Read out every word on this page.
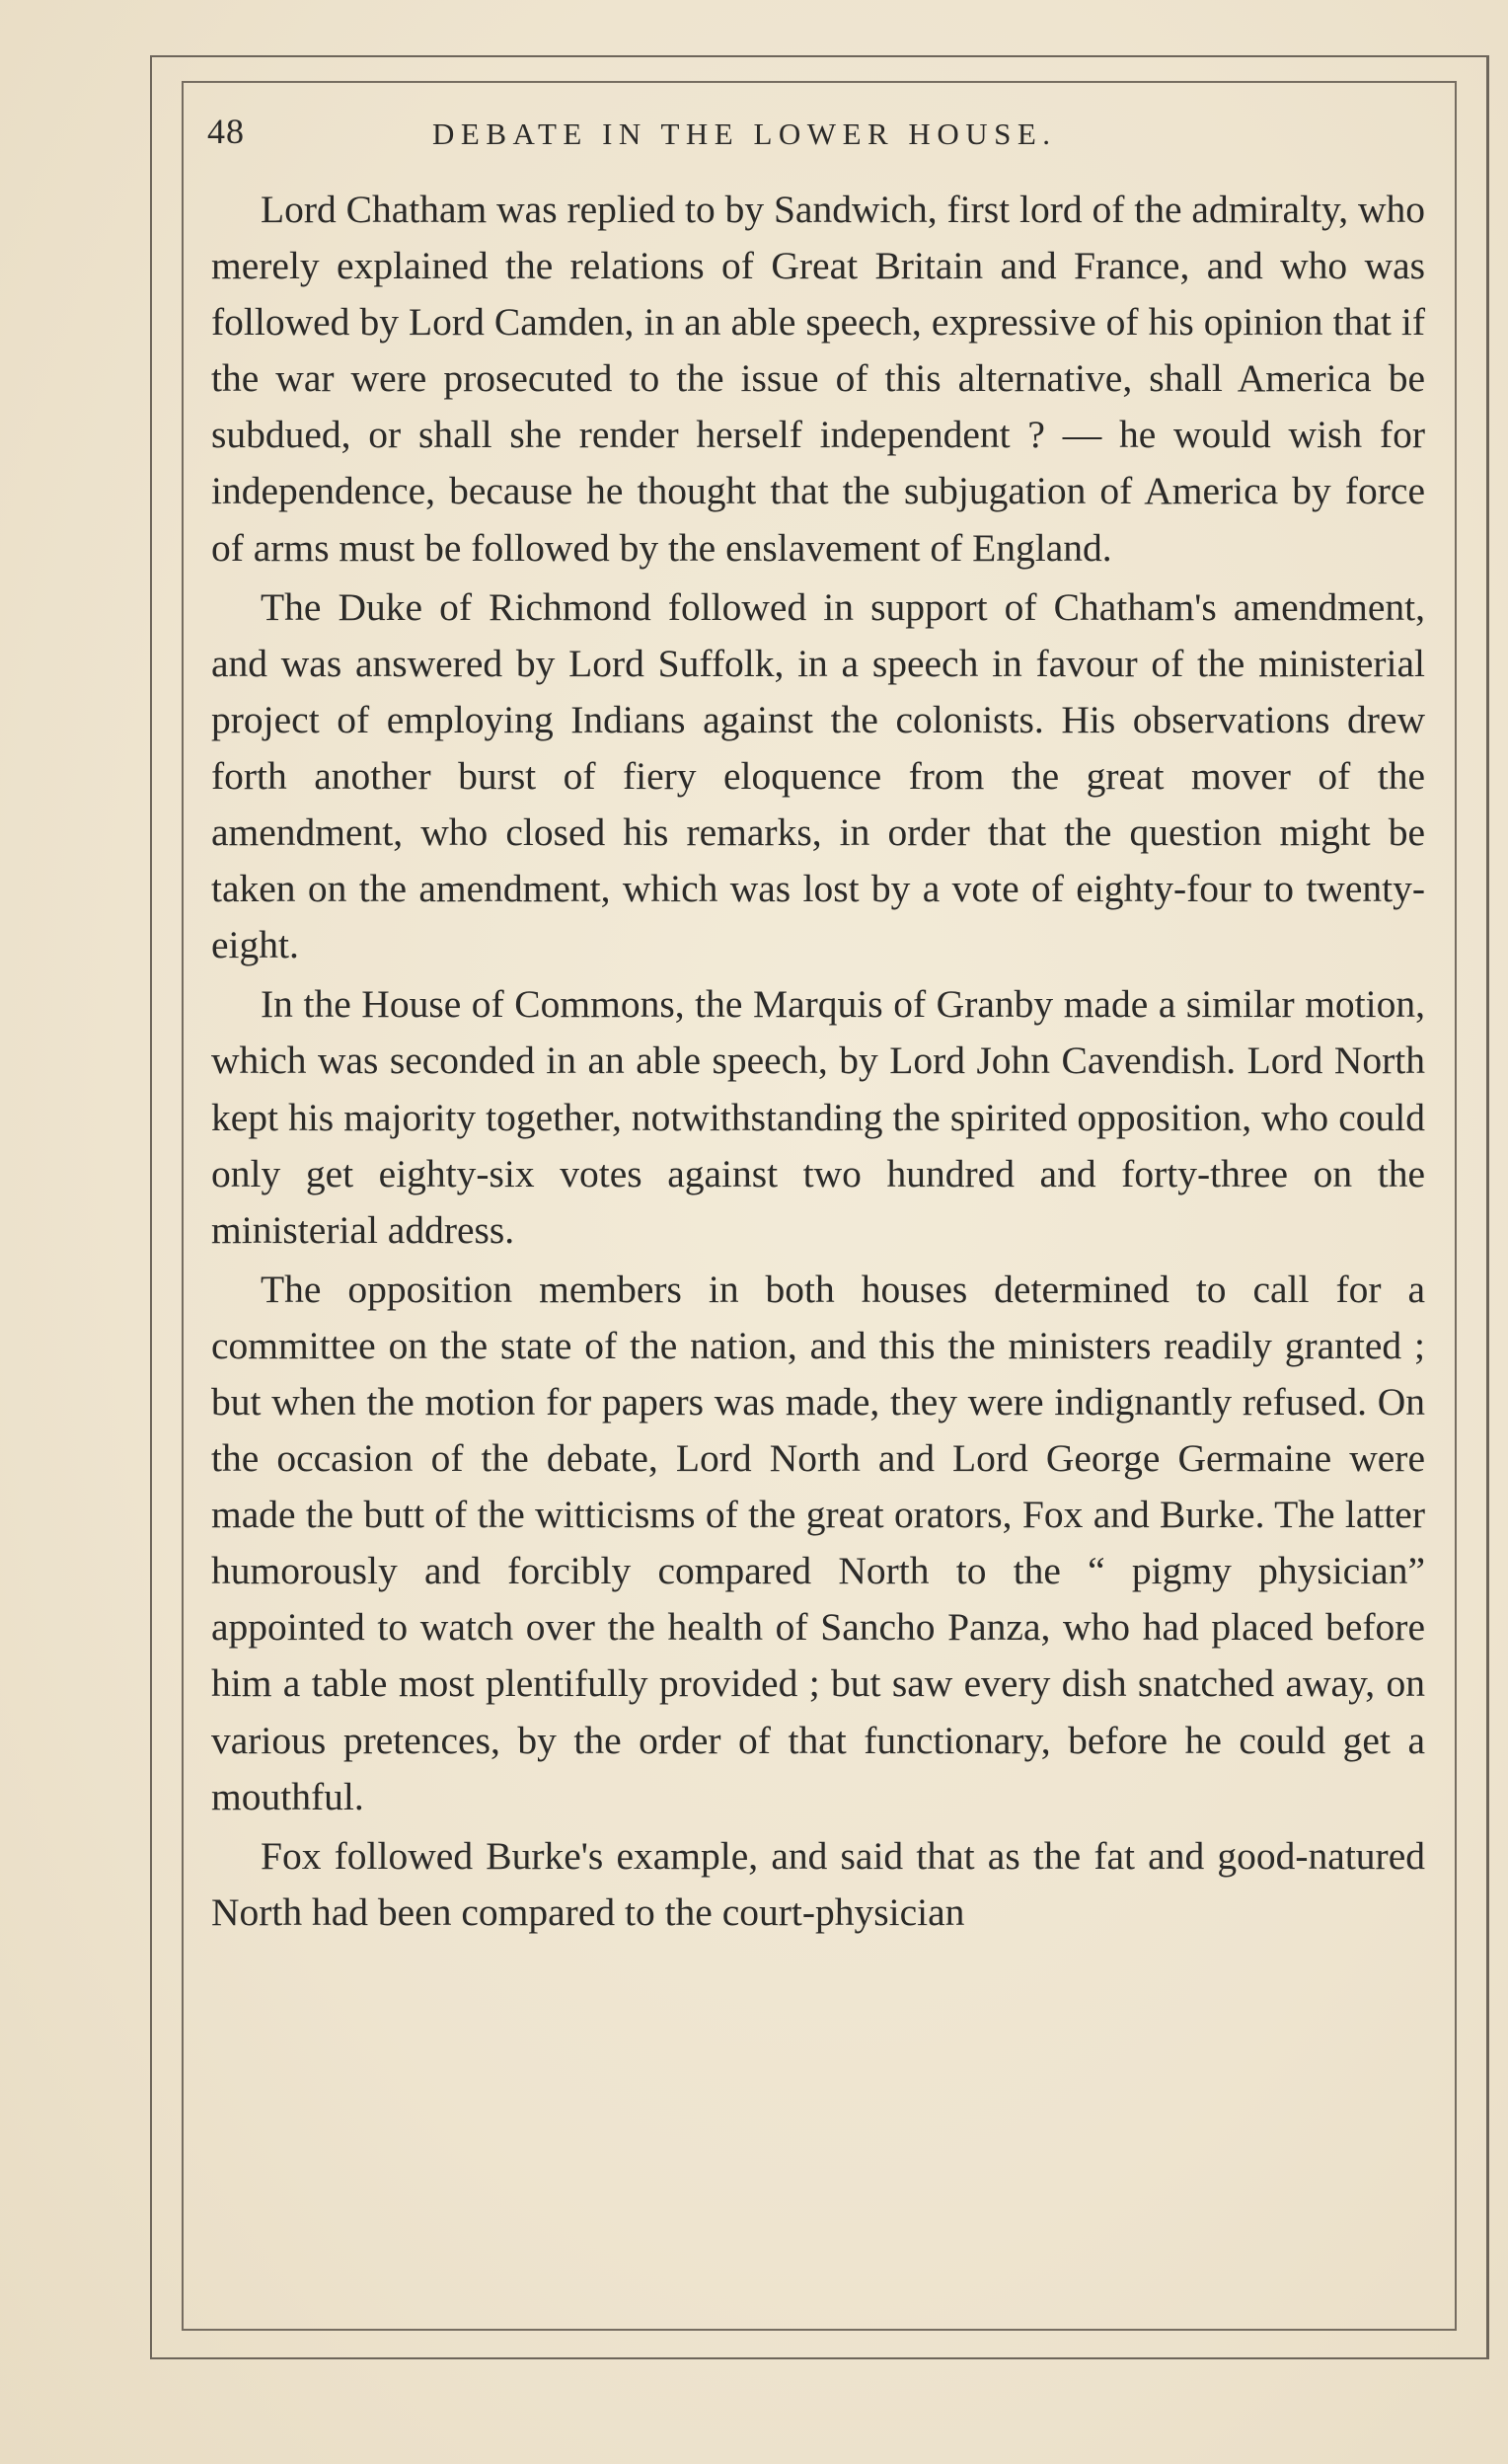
48	DEBATE IN THE LOWER HOUSE.

Lord Chatham was replied to by Sandwich, first lord of the admiralty, who merely explained the relations of Great Britain and France, and who was followed by Lord Camden, in an able speech, expressive of his opinion that if the war were prosecuted to the issue of this alternative, shall America be subdued, or shall she render herself independent ? — he would wish for independence, because he thought that the subjugation of America by force of arms must be followed by the enslavement of England.

The Duke of Richmond followed in support of Chatham's amendment, and was answered by Lord Suffolk, in a speech in favour of the ministerial project of employing Indians against the colonists. His observations drew forth another burst of fiery eloquence from the great mover of the amendment, who closed his remarks, in order that the question might be taken on the amendment, which was lost by a vote of eighty-four to twenty-eight.

In the House of Commons, the Marquis of Granby made a similar motion, which was seconded in an able speech, by Lord John Cavendish. Lord North kept his majority together, notwithstanding the spirited opposition, who could only get eighty-six votes against two hundred and forty-three on the ministerial address.

The opposition members in both houses determined to call for a committee on the state of the nation, and this the ministers readily granted ; but when the motion for papers was made, they were indignantly refused. On the occasion of the debate, Lord North and Lord George Germaine were made the butt of the witticisms of the great orators, Fox and Burke. The latter humorously and forcibly compared North to the “ pigmy physician” appointed to watch over the health of Sancho Panza, who had placed before him a table most plentifully provided ; but saw every dish snatched away, on various pretences, by the order of that functionary, before he could get a mouthful.

Fox followed Burke's example, and said that as the fat and good-natured North had been compared to the court-physician
